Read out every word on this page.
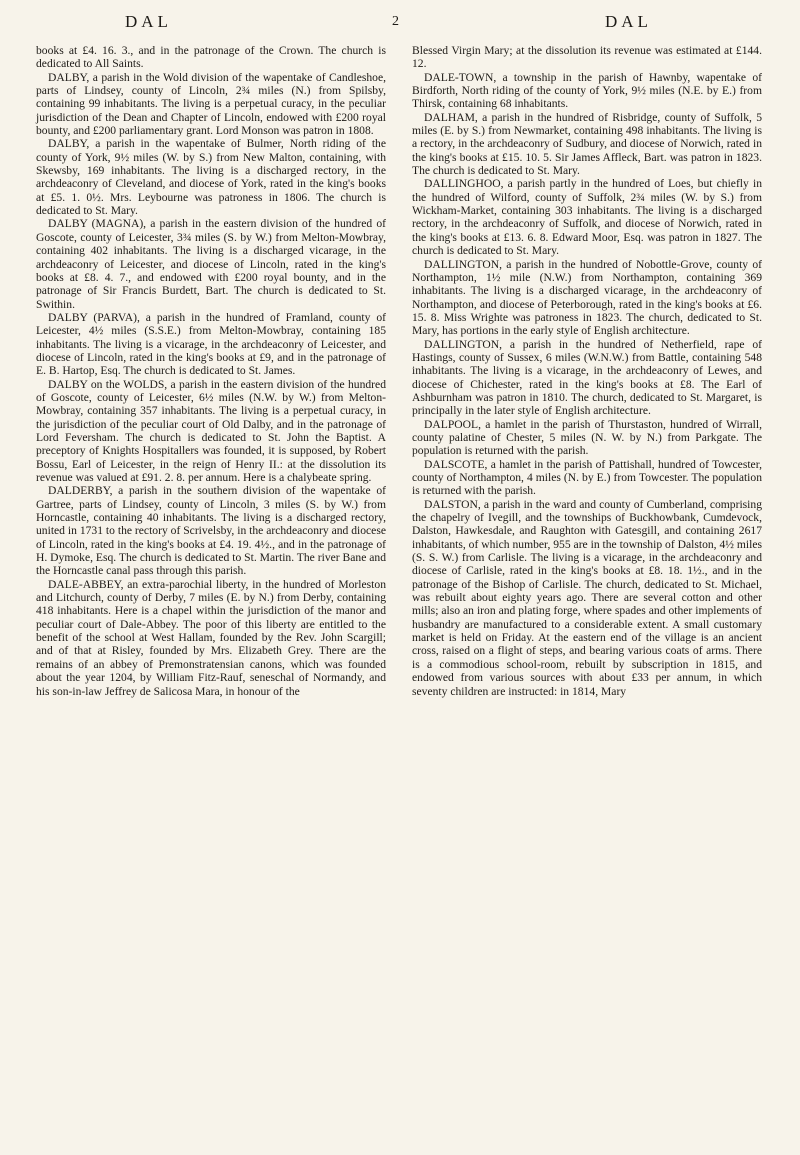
DAL	2	DAL

books at £4. 16. 3., and in the patronage of the Crown. The church is dedicated to All Saints.

DALBY, a parish in the Wold division of the wapentake of Candleshoe, parts of Lindsey, county of Lincoln, 2¾ miles (N.) from Spilsby, containing 99 inhabitants. The living is a perpetual curacy, in the peculiar jurisdiction of the Dean and Chapter of Lincoln, endowed with £200 royal bounty, and £200 parliamentary grant. Lord Monson was patron in 1808.

DALBY, a parish in the wapentake of Bulmer, North riding of the county of York, 9½ miles (W. by S.) from New Malton, containing, with Skewsby, 169 inhabitants. The living is a discharged rectory, in the archdeaconry of Cleveland, and diocese of York, rated in the king's books at £5. 1. 0½. Mrs. Leybourne was patroness in 1806. The church is dedicated to St. Mary.

DALBY (MAGNA), a parish in the eastern division of the hundred of Goscote, county of Leicester, 3¾ miles (S. by W.) from Melton-Mowbray, containing 402 inhabitants. The living is a discharged vicarage, in the archdeaconry of Leicester, and diocese of Lincoln, rated in the king's books at £8. 4. 7., and endowed with £200 royal bounty, and in the patronage of Sir Francis Burdett, Bart. The church is dedicated to St. Swithin.

DALBY (PARVA), a parish in the hundred of Framland, county of Leicester, 4½ miles (S.S.E.) from Melton-Mowbray, containing 185 inhabitants. The living is a vicarage, in the archdeaconry of Leicester, and diocese of Lincoln, rated in the king's books at £9, and in the patronage of E. B. Hartop, Esq. The church is dedicated to St. James.

DALBY on the WOLDS, a parish in the eastern division of the hundred of Goscote, county of Leicester, 6½ miles (N.W. by W.) from Melton-Mowbray, containing 357 inhabitants. The living is a perpetual curacy, in the jurisdiction of the peculiar court of Old Dalby, and in the patronage of Lord Feversham. The church is dedicated to St. John the Baptist. A preceptory of Knights Hospitallers was founded, it is supposed, by Robert Bossu, Earl of Leicester, in the reign of Henry II.: at the dissolution its revenue was valued at £91. 2. 8. per annum. Here is a chalybeate spring.

DALDERBY, a parish in the southern division of the wapentake of Gartree, parts of Lindsey, county of Lincoln, 3 miles (S. by W.) from Horncastle, containing 40 inhabitants. The living is a discharged rectory, united in 1731 to the rectory of Scrivelsby, in the archdeaconry and diocese of Lincoln, rated in the king's books at £4. 19. 4½., and in the patronage of H. Dymoke, Esq. The church is dedicated to St. Martin. The river Bane and the Horncastle canal pass through this parish.

DALE-ABBEY, an extra-parochial liberty, in the hundred of Morleston and Litchurch, county of Derby, 7 miles (E. by N.) from Derby, containing 418 inhabitants. Here is a chapel within the jurisdiction of the manor and peculiar court of Dale-Abbey. The poor of this liberty are entitled to the benefit of the school at West Hallam, founded by the Rev. John Scargill; and of that at Risley, founded by Mrs. Elizabeth Grey. There are the remains of an abbey of Premonstratensian canons, which was founded about the year 1204, by William Fitz-Rauf, seneschal of Normandy, and his son-in-law Jeffrey de Salicosa Mara, in honour of the

Blessed Virgin Mary; at the dissolution its revenue was estimated at £144. 12.

DALE-TOWN, a township in the parish of Hawnby, wapentake of Birdforth, North riding of the county of York, 9½ miles (N.E. by E.) from Thirsk, containing 68 inhabitants.

DALHAM, a parish in the hundred of Risbridge, county of Suffolk, 5 miles (E. by S.) from Newmarket, containing 498 inhabitants. The living is a rectory, in the archdeaconry of Sudbury, and diocese of Norwich, rated in the king's books at £15. 10. 5. Sir James Affleck, Bart. was patron in 1823. The church is dedicated to St. Mary.

DALLINGHOO, a parish partly in the hundred of Loes, but chiefly in the hundred of Wilford, county of Suffolk, 2¾ miles (W. by S.) from Wickham-Market, containing 303 inhabitants. The living is a discharged rectory, in the archdeaconry of Suffolk, and diocese of Norwich, rated in the king's books at £13. 6. 8. Edward Moor, Esq. was patron in 1827. The church is dedicated to St. Mary.

DALLINGTON, a parish in the hundred of Nobottle-Grove, county of Northampton, 1½ mile (N.W.) from Northampton, containing 369 inhabitants. The living is a discharged vicarage, in the archdeaconry of Northampton, and diocese of Peterborough, rated in the king's books at £6. 15. 8. Miss Wrighte was patroness in 1823. The church, dedicated to St. Mary, has portions in the early style of English architecture.

DALLINGTON, a parish in the hundred of Netherfield, rape of Hastings, county of Sussex, 6 miles (W.N.W.) from Battle, containing 548 inhabitants. The living is a vicarage, in the archdeaconry of Lewes, and diocese of Chichester, rated in the king's books at £8. The Earl of Ashburnham was patron in 1810. The church, dedicated to St. Margaret, is principally in the later style of English architecture.

DALPOOL, a hamlet in the parish of Thurstaston, hundred of Wirrall, county palatine of Chester, 5 miles (N. W. by N.) from Parkgate. The population is returned with the parish.

DALSCOTE, a hamlet in the parish of Pattishall, hundred of Towcester, county of Northampton, 4 miles (N. by E.) from Towcester. The population is returned with the parish.

DALSTON, a parish in the ward and county of Cumberland, comprising the chapelry of Ivegill, and the townships of Buckhowbank, Cumdevock, Dalston, Hawkesdale, and Raughton with Gatesgill, and containing 2617 inhabitants, of which number, 955 are in the township of Dalston, 4½ miles (S. S. W.) from Carlisle. The living is a vicarage, in the archdeaconry and diocese of Carlisle, rated in the king's books at £8. 18. 1½., and in the patronage of the Bishop of Carlisle. The church, dedicated to St. Michael, was rebuilt about eighty years ago. There are several cotton and other mills; also an iron and plating forge, where spades and other implements of husbandry are manufactured to a considerable extent. A small customary market is held on Friday. At the eastern end of the village is an ancient cross, raised on a flight of steps, and bearing various coats of arms. There is a commodious school-room, rebuilt by subscription in 1815, and endowed from various sources with about £33 per annum, in which seventy children are instructed: in 1814, Mary
